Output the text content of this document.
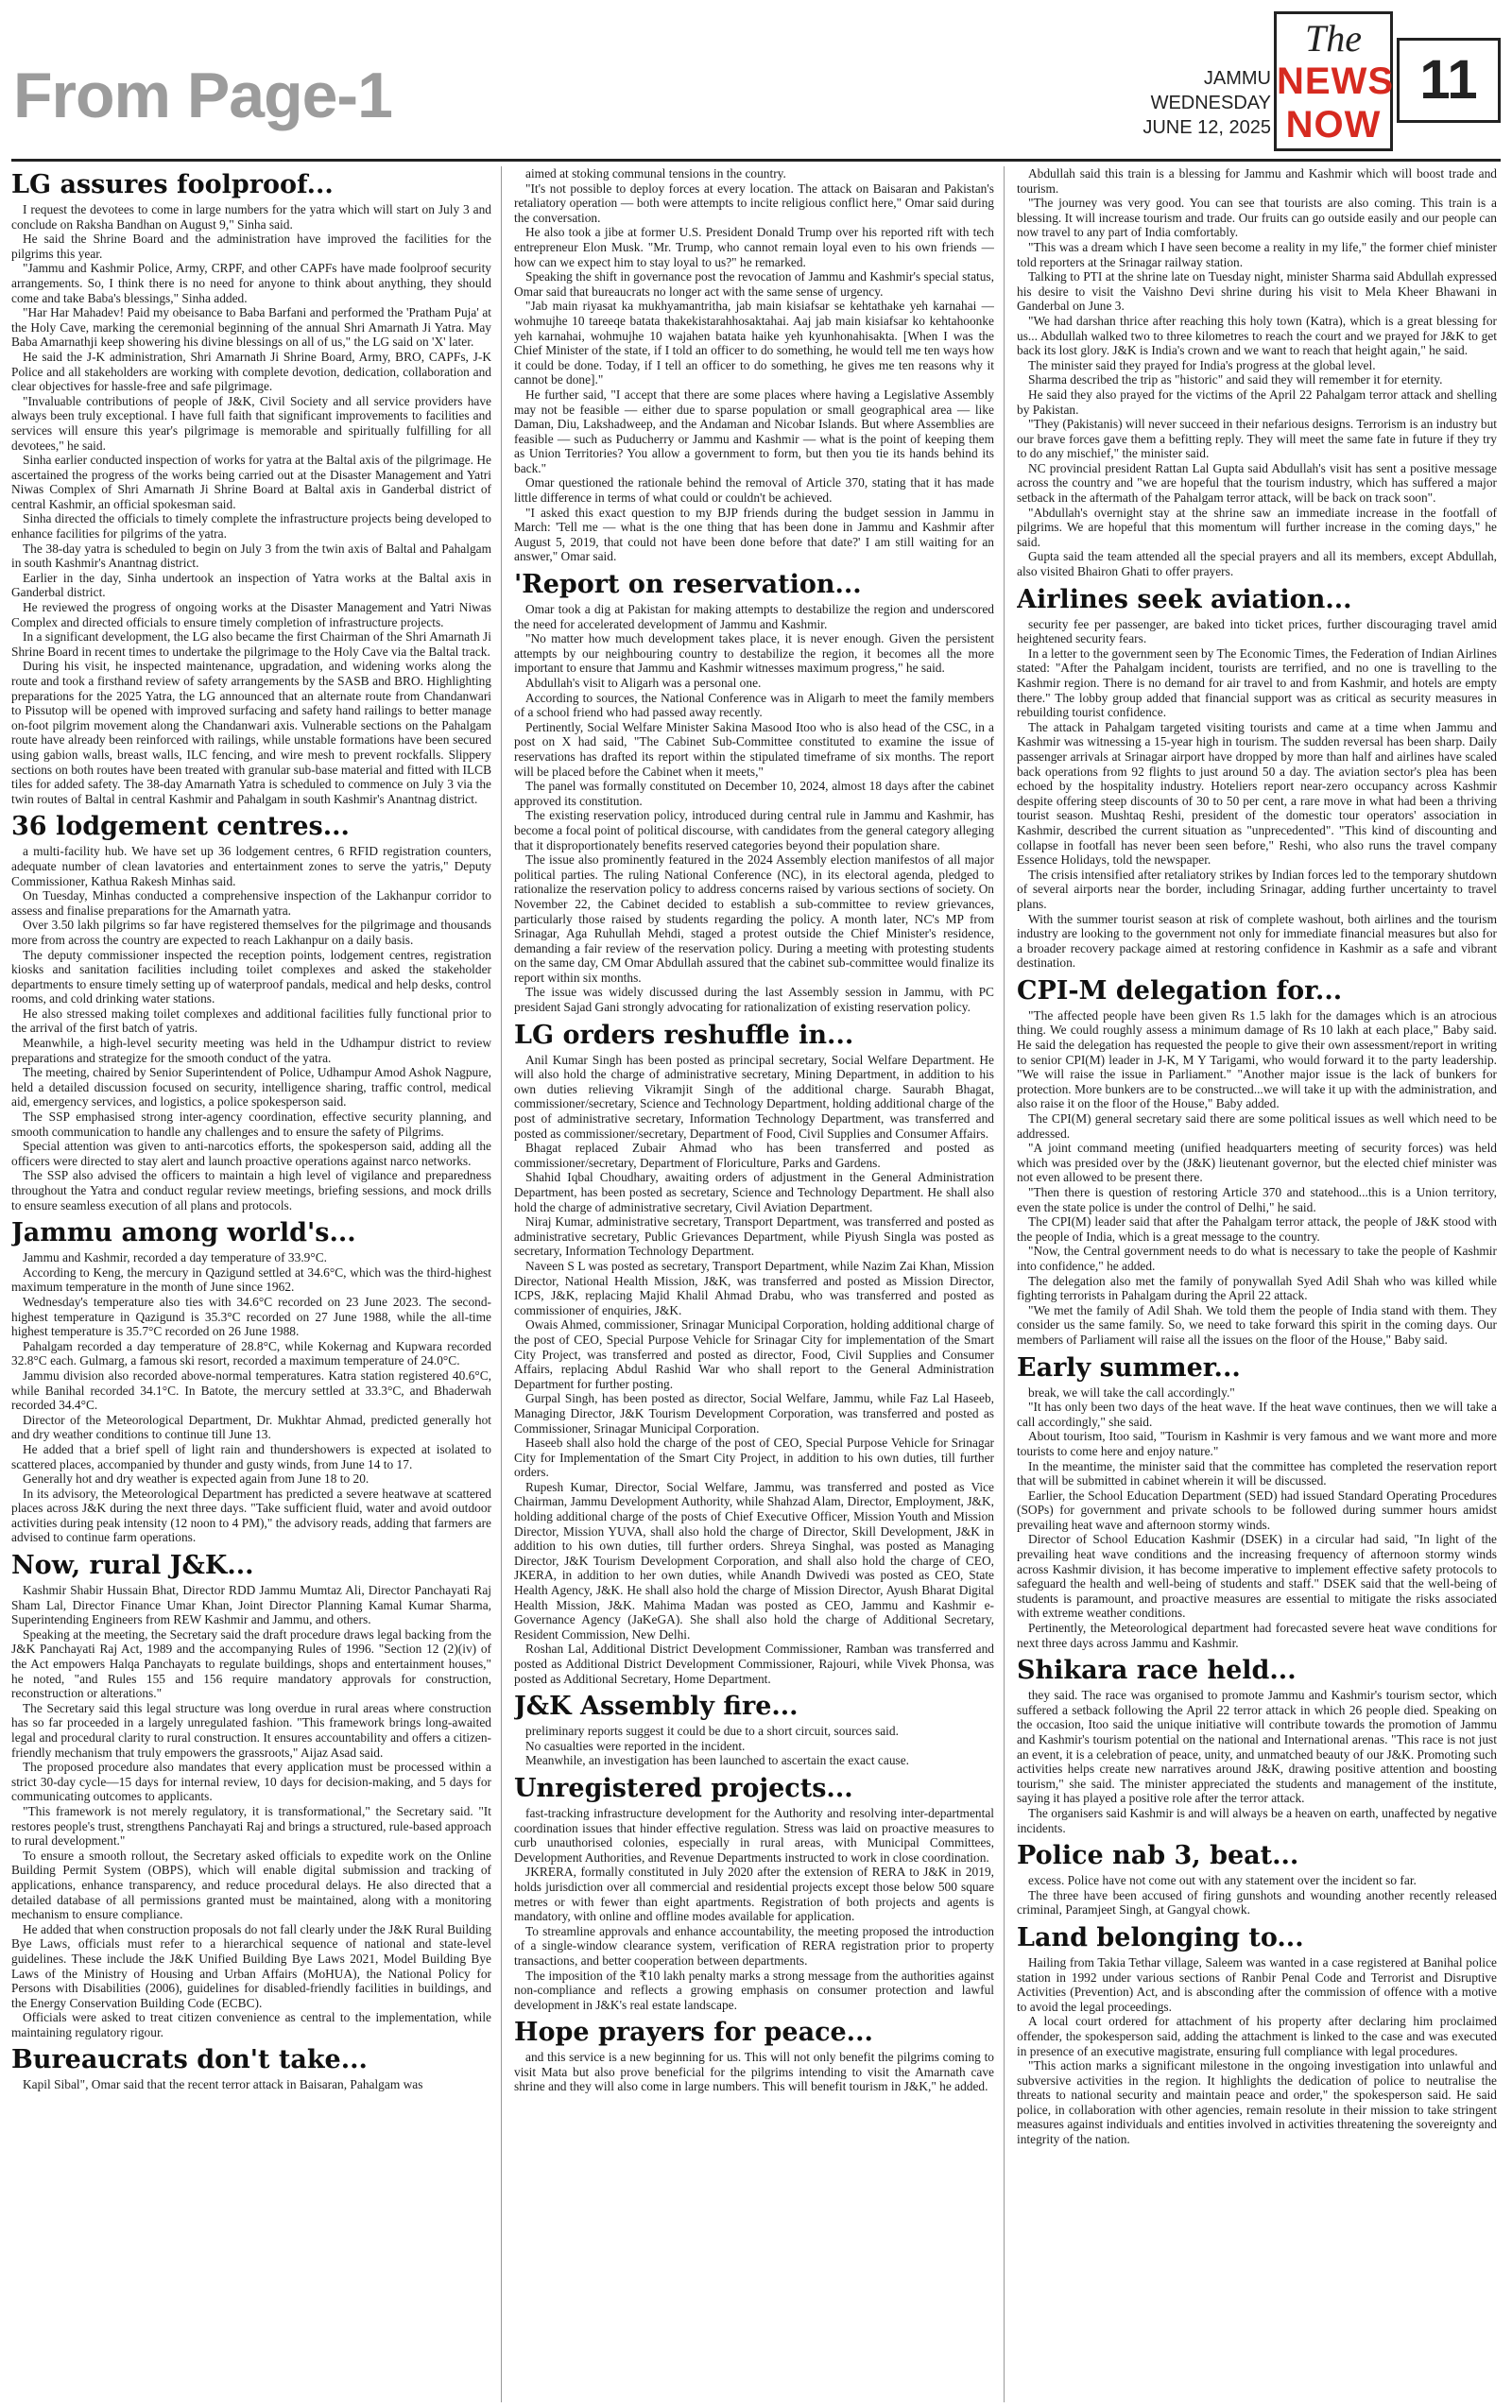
From Page-1	JAMMU
WEDNESDAY
JUNE 12, 2025
The
NEWS
NOW
11
LG assures foolproof...

I request the devotees to come in large numbers for the yatra which will start on July 3 and conclude on Raksha Bandhan on August 9," Sinha said.

He said the Shrine Board and the administration have improved the facilities for the pilgrims this year.

"Jammu and Kashmir Police, Army, CRPF, and other CAPFs have made foolproof security arrangements. So, I think there is no need for anyone to think about anything, they should come and take Baba's blessings," Sinha added.

"Har Har Mahadev! Paid my obeisance to Baba Barfani and performed the 'Pratham Puja' at the Holy Cave, marking the ceremonial beginning of the annual Shri Amarnath Ji Yatra. May Baba Amarnathji keep showering his divine blessings on all of us," the LG said on 'X' later.

He said the J-K administration, Shri Amarnath Ji Shrine Board, Army, BRO, CAPFs, J-K Police and all stakeholders are working with complete devotion, dedication, collaboration and clear objectives for hassle-free and safe pilgrimage.

"Invaluable contributions of people of J&K, Civil Society and all service providers have always been truly exceptional. I have full faith that significant improvements to facilities and services will ensure this year's pilgrimage is memorable and spiritually fulfilling for all devotees," he said.

Sinha earlier conducted inspection of works for yatra at the Baltal axis of the pilgrimage. He ascertained the progress of the works being carried out at the Disaster Management and Yatri Niwas Complex of Shri Amarnath Ji Shrine Board at Baltal axis in Ganderbal district of central Kashmir, an official spokesman said.

Sinha directed the officials to timely complete the infrastructure projects being developed to enhance facilities for pilgrims of the yatra.

The 38-day yatra is scheduled to begin on July 3 from the twin axis of Baltal and Pahalgam in south Kashmir's Anantnag district.

Earlier in the day, Sinha undertook an inspection of Yatra works at the Baltal axis in Ganderbal district.

He reviewed the progress of ongoing works at the Disaster Management and Yatri Niwas Complex and directed officials to ensure timely completion of infrastructure projects.

In a significant development, the LG also became the first Chairman of the Shri Amarnath Ji Shrine Board in recent times to undertake the pilgrimage to the Holy Cave via the Baltal track.

During his visit, he inspected maintenance, upgradation, and widening works along the route and took a firsthand review of safety arrangements by the SASB and BRO. Highlighting preparations for the 2025 Yatra, the LG announced that an alternate route from Chandanwari to Pissutop will be opened with improved surfacing and safety hand railings to better manage on-foot pilgrim movement along the Chandanwari axis. Vulnerable sections on the Pahalgam route have already been reinforced with railings, while unstable formations have been secured using gabion walls, breast walls, ILC fencing, and wire mesh to prevent rockfalls. Slippery sections on both routes have been treated with granular sub-base material and fitted with ILCB tiles for added safety. The 38-day Amarnath Yatra is scheduled to commence on July 3 via the twin routes of Baltal in central Kashmir and Pahalgam in south Kashmir's Anantnag district.

36 lodgement centres...

a multi-facility hub. We have set up 36 lodgement centres, 6 RFID registration counters, adequate number of clean lavatories and entertainment zones to serve the yatris," Deputy Commissioner, Kathua Rakesh Minhas said.

On Tuesday, Minhas conducted a comprehensive inspection of the Lakhanpur corridor to assess and finalise preparations for the Amarnath yatra.

Over 3.50 lakh pilgrims so far have registered themselves for the pilgrimage and thousands more from across the country are expected to reach Lakhanpur on a daily basis.

The deputy commissioner inspected the reception points, lodgement centres, registration kiosks and sanitation facilities including toilet complexes and asked the stakeholder departments to ensure timely setting up of waterproof pandals, medical and help desks, control rooms, and cold drinking water stations.

He also stressed making toilet complexes and additional facilities fully functional prior to the arrival of the first batch of yatris.

Meanwhile, a high-level security meeting was held in the Udhampur district to review preparations and strategize for the smooth conduct of the yatra.

The meeting, chaired by Senior Superintendent of Police, Udhampur Amod Ashok Nagpure, held a detailed discussion focused on security, intelligence sharing, traffic control, medical aid, emergency services, and logistics, a police spokesperson said.

The SSP emphasised strong inter-agency coordination, effective security planning, and smooth communication to handle any challenges and to ensure the safety of Pilgrims.

Special attention was given to anti-narcotics efforts, the spokesperson said, adding all the officers were directed to stay alert and launch proactive operations against narco networks.

The SSP also advised the officers to maintain a high level of vigilance and preparedness throughout the Yatra and conduct regular review meetings, briefing sessions, and mock drills to ensure seamless execution of all plans and protocols.

Jammu among world's...

Jammu and Kashmir, recorded a day temperature of 33.9°C.

According to Keng, the mercury in Qazigund settled at 34.6°C, which was the third-highest maximum temperature in the month of June since 1962.

Wednesday's temperature also ties with 34.6°C recorded on 23 June 2023. The second-highest temperature in Qazigund is 35.3°C recorded on 27 June 1988, while the all-time highest temperature is 35.7°C recorded on 26 June 1988.

Pahalgam recorded a day temperature of 28.8°C, while Kokernag and Kupwara recorded 32.8°C each. Gulmarg, a famous ski resort, recorded a maximum temperature of 24.0°C.

Jammu division also recorded above-normal temperatures. Katra station registered 40.6°C, while Banihal recorded 34.1°C. In Batote, the mercury settled at 33.3°C, and Bhaderwah recorded 34.4°C.

Director of the Meteorological Department, Dr. Mukhtar Ahmad, predicted generally hot and dry weather conditions to continue till June 13.

He added that a brief spell of light rain and thundershowers is expected at isolated to scattered places, accompanied by thunder and gusty winds, from June 14 to 17.

Generally hot and dry weather is expected again from June 18 to 20.

In its advisory, the Meteorological Department has predicted a severe heatwave at scattered places across J&K during the next three days. "Take sufficient fluid, water and avoid outdoor activities during peak intensity (12 noon to 4 PM)," the advisory reads, adding that farmers are advised to continue farm operations.

Now, rural J&K...

Kashmir Shabir Hussain Bhat, Director RDD Jammu Mumtaz Ali, Director Panchayati Raj Sham Lal, Director Finance Umar Khan, Joint Director Planning Kamal Kumar Sharma, Superintending Engineers from REW Kashmir and Jammu, and others.

Speaking at the meeting, the Secretary said the draft procedure draws legal backing from the J&K Panchayati Raj Act, 1989 and the accompanying Rules of 1996. "Section 12 (2)(iv) of the Act empowers Halqa Panchayats to regulate buildings, shops and entertainment houses," he noted, "and Rules 155 and 156 require mandatory approvals for construction, reconstruction or alterations."

The Secretary said this legal structure was long overdue in rural areas where construction has so far proceeded in a largely unregulated fashion. "This framework brings long-awaited legal and procedural clarity to rural construction. It ensures accountability and offers a citizen-friendly mechanism that truly empowers the grassroots," Aijaz Asad said.

The proposed procedure also mandates that every application must be processed within a strict 30-day cycle—15 days for internal review, 10 days for decision-making, and 5 days for communicating outcomes to applicants.

"This framework is not merely regulatory, it is transformational," the Secretary said. "It restores people's trust, strengthens Panchayati Raj and brings a structured, rule-based approach to rural development."

To ensure a smooth rollout, the Secretary asked officials to expedite work on the Online Building Permit System (OBPS), which will enable digital submission and tracking of applications, enhance transparency, and reduce procedural delays. He also directed that a detailed database of all permissions granted must be maintained, along with a monitoring mechanism to ensure compliance.

He added that when construction proposals do not fall clearly under the J&K Rural Building Bye Laws, officials must refer to a hierarchical sequence of national and state-level guidelines. These include the J&K Unified Building Bye Laws 2021, Model Building Bye Laws of the Ministry of Housing and Urban Affairs (MoHUA), the National Policy for Persons with Disabilities (2006), guidelines for disabled-friendly facilities in buildings, and the Energy Conservation Building Code (ECBC).

Officials were asked to treat citizen convenience as central to the implementation, while maintaining regulatory rigour.

Bureaucrats don't take...

Kapil Sibal", Omar said that the recent terror attack in Baisaran, Pahalgam was

aimed at stoking communal tensions in the country.

"It's not possible to deploy forces at every location. The attack on Baisaran and Pakistan's retaliatory operation — both were attempts to incite religious conflict here," Omar said during the conversation.

He also took a jibe at former U.S. President Donald Trump over his reported rift with tech entrepreneur Elon Musk. "Mr. Trump, who cannot remain loyal even to his own friends — how can we expect him to stay loyal to us?" he remarked.

Speaking the shift in governance post the revocation of Jammu and Kashmir's special status, Omar said that bureaucrats no longer act with the same sense of urgency.

"Jab main riyasat ka mukhyamantritha, jab main kisiafsar se kehtathake yeh karnahai — wohmujhe 10 tareeqe batata thakekistarahhosaktahai. Aaj jab main kisiafsar ko kehtahoonke yeh karnahai, wohmujhe 10 wajahen batata haike yeh kyunhonahisakta. [When I was the Chief Minister of the state, if I told an officer to do something, he would tell me ten ways how it could be done. Today, if I tell an officer to do something, he gives me ten reasons why it cannot be done]."

He further said, "I accept that there are some places where having a Legislative Assembly may not be feasible — either due to sparse population or small geographical area — like Daman, Diu, Lakshadweep, and the Andaman and Nicobar Islands. But where Assemblies are feasible — such as Puducherry or Jammu and Kashmir — what is the point of keeping them as Union Territories? You allow a government to form, but then you tie its hands behind its back."

Omar questioned the rationale behind the removal of Article 370, stating that it has made little difference in terms of what could or couldn't be achieved.

"I asked this exact question to my BJP friends during the budget session in Jammu in March: 'Tell me — what is the one thing that has been done in Jammu and Kashmir after August 5, 2019, that could not have been done before that date?' I am still waiting for an answer," Omar said.

'Report on reservation...

Omar took a dig at Pakistan for making attempts to destabilize the region and underscored the need for accelerated development of Jammu and Kashmir.

"No matter how much development takes place, it is never enough. Given the persistent attempts by our neighbouring country to destabilize the region, it becomes all the more important to ensure that Jammu and Kashmir witnesses maximum progress," he said.

Abdullah's visit to Aligarh was a personal one.

According to sources, the National Conference was in Aligarh to meet the family members of a school friend who had passed away recently.

Pertinently, Social Welfare Minister Sakina Masood Itoo who is also head of the CSC, in a post on X had said, "The Cabinet Sub-Committee constituted to examine the issue of reservations has drafted its report within the stipulated timeframe of six months. The report will be placed before the Cabinet when it meets,"

The panel was formally constituted on December 10, 2024, almost 18 days after the cabinet approved its constitution.

The existing reservation policy, introduced during central rule in Jammu and Kashmir, has become a focal point of political discourse, with candidates from the general category alleging that it disproportionately benefits reserved categories beyond their population share.

The issue also prominently featured in the 2024 Assembly election manifestos of all major political parties. The ruling National Conference (NC), in its electoral agenda, pledged to rationalize the reservation policy to address concerns raised by various sections of society. On November 22, the Cabinet decided to establish a sub-committee to review grievances, particularly those raised by students regarding the policy. A month later, NC's MP from Srinagar, Aga Ruhullah Mehdi, staged a protest outside the Chief Minister's residence, demanding a fair review of the reservation policy. During a meeting with protesting students on the same day, CM Omar Abdullah assured that the cabinet sub-committee would finalize its report within six months.

The issue was widely discussed during the last Assembly session in Jammu, with PC president Sajad Gani strongly advocating for rationalization of existing reservation policy.

LG orders reshuffle in...

Anil Kumar Singh has been posted as principal secretary, Social Welfare Department. He will also hold the charge of administrative secretary, Mining Department, in addition to his own duties relieving Vikramjit Singh of the additional charge. Saurabh Bhagat, commissioner/secretary, Science and Technology Department, holding additional charge of the post of administrative secretary, Information Technology Department, was transferred and posted as commissioner/secretary, Department of Food, Civil Supplies and Consumer Affairs.

Bhagat replaced Zubair Ahmad who has been transferred and posted as commissioner/secretary, Department of Floriculture, Parks and Gardens.

Shahid Iqbal Choudhary, awaiting orders of adjustment in the General Administration Department, has been posted as secretary, Science and Technology Department. He shall also hold the charge of administrative secretary, Civil Aviation Department.

Niraj Kumar, administrative secretary, Transport Department, was transferred and posted as administrative secretary, Public Grievances Department, while Piyush Singla was posted as secretary, Information Technology Department.

Naveen S L was posted as secretary, Transport Department, while Nazim Zai Khan, Mission Director, National Health Mission, J&K, was transferred and posted as Mission Director, ICPS, J&K, replacing Majid Khalil Ahmad Drabu, who was transferred and posted as commissioner of enquiries, J&K.

Owais Ahmed, commissioner, Srinagar Municipal Corporation, holding additional charge of the post of CEO, Special Purpose Vehicle for Srinagar City for implementation of the Smart City Project, was transferred and posted as director, Food, Civil Supplies and Consumer Affairs, replacing Abdul Rashid War who shall report to the General Administration Department for further posting.

Gurpal Singh, has been posted as director, Social Welfare, Jammu, while Faz Lal Haseeb, Managing Director, J&K Tourism Development Corporation, was transferred and posted as Commissioner, Srinagar Municipal Corporation.

Haseeb shall also hold the charge of the post of CEO, Special Purpose Vehicle for Srinagar City for Implementation of the Smart City Project, in addition to his own duties, till further orders.

Rupesh Kumar, Director, Social Welfare, Jammu, was transferred and posted as Vice Chairman, Jammu Development Authority, while Shahzad Alam, Director, Employment, J&K, holding additional charge of the posts of Chief Executive Officer, Mission Youth and Mission Director, Mission YUVA, shall also hold the charge of Director, Skill Development, J&K in addition to his own duties, till further orders. Shreya Singhal, was posted as Managing Director, J&K Tourism Development Corporation, and shall also hold the charge of CEO, JKERA, in addition to her own duties, while Anandh Dwivedi was posted as CEO, State Health Agency, J&K. He shall also hold the charge of Mission Director, Ayush Bharat Digital Health Mission, J&K. Mahima Madan was posted as CEO, Jammu and Kashmir e-Governance Agency (JaKeGA). She shall also hold the charge of Additional Secretary, Resident Commission, New Delhi.

Roshan Lal, Additional District Development Commissioner, Ramban was transferred and posted as Additional District Development Commissioner, Rajouri, while Vivek Phonsa, was posted as Additional Secretary, Home Department.

J&K Assembly fire...

preliminary reports suggest it could be due to a short circuit, sources said.

No casualties were reported in the incident.

Meanwhile, an investigation has been launched to ascertain the exact cause.

Unregistered projects...

fast-tracking infrastructure development for the Authority and resolving inter-departmental coordination issues that hinder effective regulation. Stress was laid on proactive measures to curb unauthorised colonies, especially in rural areas, with Municipal Committees, Development Authorities, and Revenue Departments instructed to work in close coordination.

JKRERA, formally constituted in July 2020 after the extension of RERA to J&K in 2019, holds jurisdiction over all commercial and residential projects except those below 500 square metres or with fewer than eight apartments. Registration of both projects and agents is mandatory, with online and offline modes available for application.

To streamline approvals and enhance accountability, the meeting proposed the introduction of a single-window clearance system, verification of RERA registration prior to property transactions, and better cooperation between departments.

The imposition of the ₹10 lakh penalty marks a strong message from the authorities against non-compliance and reflects a growing emphasis on consumer protection and lawful development in J&K's real estate landscape.

Hope prayers for peace...

and this service is a new beginning for us. This will not only benefit the pilgrims coming to visit Mata but also prove beneficial for the pilgrims intending to visit the Amarnath cave shrine and they will also come in large numbers. This will benefit tourism in J&K," he added.

Abdullah said this train is a blessing for Jammu and Kashmir which will boost trade and tourism.

"The journey was very good. You can see that tourists are also coming. This train is a blessing. It will increase tourism and trade. Our fruits can go outside easily and our people can now travel to any part of India comfortably.

"This was a dream which I have seen become a reality in my life," the former chief minister told reporters at the Srinagar railway station.

Talking to PTI at the shrine late on Tuesday night, minister Sharma said Abdullah expressed his desire to visit the Vaishno Devi shrine during his visit to Mela Kheer Bhawani in Ganderbal on June 3.

"We had darshan thrice after reaching this holy town (Katra), which is a great blessing for us... Abdullah walked two to three kilometres to reach the court and we prayed for J&K to get back its lost glory. J&K is India's crown and we want to reach that height again," he said.

The minister said they prayed for India's progress at the global level.

Sharma described the trip as "historic" and said they will remember it for eternity.

He said they also prayed for the victims of the April 22 Pahalgam terror attack and shelling by Pakistan.

"They (Pakistanis) will never succeed in their nefarious designs. Terrorism is an industry but our brave forces gave them a befitting reply. They will meet the same fate in future if they try to do any mischief," the minister said.

NC provincial president Rattan Lal Gupta said Abdullah's visit has sent a positive message across the country and "we are hopeful that the tourism industry, which has suffered a major setback in the aftermath of the Pahalgam terror attack, will be back on track soon".

"Abdullah's overnight stay at the shrine saw an immediate increase in the footfall of pilgrims. We are hopeful that this momentum will further increase in the coming days," he said.

Gupta said the team attended all the special prayers and all its members, except Abdullah, also visited Bhairon Ghati to offer prayers.

Airlines seek aviation...

security fee per passenger, are baked into ticket prices, further discouraging travel amid heightened security fears.

In a letter to the government seen by The Economic Times, the Federation of Indian Airlines stated: "After the Pahalgam incident, tourists are terrified, and no one is travelling to the Kashmir region. There is no demand for air travel to and from Kashmir, and hotels are empty there." The lobby group added that financial support was as critical as security measures in rebuilding tourist confidence.

The attack in Pahalgam targeted visiting tourists and came at a time when Jammu and Kashmir was witnessing a 15-year high in tourism. The sudden reversal has been sharp. Daily passenger arrivals at Srinagar airport have dropped by more than half and airlines have scaled back operations from 92 flights to just around 50 a day. The aviation sector's plea has been echoed by the hospitality industry. Hoteliers report near-zero occupancy across Kashmir despite offering steep discounts of 30 to 50 per cent, a rare move in what had been a thriving tourist season. Mushtaq Reshi, president of the domestic tour operators' association in Kashmir, described the current situation as "unprecedented". "This kind of discounting and collapse in footfall has never been seen before," Reshi, who also runs the travel company Essence Holidays, told the newspaper.

The crisis intensified after retaliatory strikes by Indian forces led to the temporary shutdown of several airports near the border, including Srinagar, adding further uncertainty to travel plans.

With the summer tourist season at risk of complete washout, both airlines and the tourism industry are looking to the government not only for immediate financial measures but also for a broader recovery package aimed at restoring confidence in Kashmir as a safe and vibrant destination.

CPI-M delegation for...

"The affected people have been given Rs 1.5 lakh for the damages which is an atrocious thing. We could roughly assess a minimum damage of Rs 10 lakh at each place," Baby said. He said the delegation has requested the people to give their own assessment/report in writing to senior CPI(M) leader in J-K, M Y Tarigami, who would forward it to the party leadership. "We will raise the issue in Parliament." "Another major issue is the lack of bunkers for protection. More bunkers are to be constructed...we will take it up with the administration, and also raise it on the floor of the House," Baby added.

The CPI(M) general secretary said there are some political issues as well which need to be addressed.

"A joint command meeting (unified headquarters meeting of security forces) was held which was presided over by the (J&K) lieutenant governor, but the elected chief minister was not even allowed to be present there.

"Then there is question of restoring Article 370 and statehood...this is a Union territory, even the state police is under the control of Delhi," he said.

The CPI(M) leader said that after the Pahalgam terror attack, the people of J&K stood with the people of India, which is a great message to the country.

"Now, the Central government needs to do what is necessary to take the people of Kashmir into confidence," he added.

The delegation also met the family of ponywallah Syed Adil Shah who was killed while fighting terrorists in Pahalgam during the April 22 attack.

"We met the family of Adil Shah. We told them the people of India stand with them. They consider us the same family. So, we need to take forward this spirit in the coming days. Our members of Parliament will raise all the issues on the floor of the House," Baby said.

Early summer...

break, we will take the call accordingly."

"It has only been two days of the heat wave. If the heat wave continues, then we will take a call accordingly," she said.

About tourism, Itoo said, "Tourism in Kashmir is very famous and we want more and more tourists to come here and enjoy nature."

In the meantime, the minister said that the committee has completed the reservation report that will be submitted in cabinet wherein it will be discussed.

Earlier, the School Education Department (SED) had issued Standard Operating Procedures (SOPs) for government and private schools to be followed during summer hours amidst prevailing heat wave and afternoon stormy winds.

Director of School Education Kashmir (DSEK) in a circular had said, "In light of the prevailing heat wave conditions and the increasing frequency of afternoon stormy winds across Kashmir division, it has become imperative to implement effective safety protocols to safeguard the health and well-being of students and staff." DSEK said that the well-being of students is paramount, and proactive measures are essential to mitigate the risks associated with extreme weather conditions.

Pertinently, the Meteorological department had forecasted severe heat wave conditions for next three days across Jammu and Kashmir.

Shikara race held...

they said. The race was organised to promote Jammu and Kashmir's tourism sector, which suffered a setback following the April 22 terror attack in which 26 people died. Speaking on the occasion, Itoo said the unique initiative will contribute towards the promotion of Jammu and Kashmir's tourism potential on the national and International arenas. "This race is not just an event, it is a celebration of peace, unity, and unmatched beauty of our J&K. Promoting such activities helps create new narratives around J&K, drawing positive attention and boosting tourism," she said. The minister appreciated the students and management of the institute, saying it has played a positive role after the terror attack.

The organisers said Kashmir is and will always be a heaven on earth, unaffected by negative incidents.

Police nab 3, beat...

excess. Police have not come out with any statement over the incident so far.

The three have been accused of firing gunshots and wounding another recently released criminal, Paramjeet Singh, at Gangyal chowk.

Land belonging to...

Hailing from Takia Tethar village, Saleem was wanted in a case registered at Banihal police station in 1992 under various sections of Ranbir Penal Code and Terrorist and Disruptive Activities (Prevention) Act, and is absconding after the commission of offence with a motive to avoid the legal proceedings.

A local court ordered for attachment of his property after declaring him proclaimed offender, the spokesperson said, adding the attachment is linked to the case and was executed in presence of an executive magistrate, ensuring full compliance with legal procedures.

"This action marks a significant milestone in the ongoing investigation into unlawful and subversive activities in the region. It highlights the dedication of police to neutralise the threats to national security and maintain peace and order," the spokesperson said. He said police, in collaboration with other agencies, remain resolute in their mission to take stringent measures against individuals and entities involved in activities threatening the sovereignty and integrity of the nation.
